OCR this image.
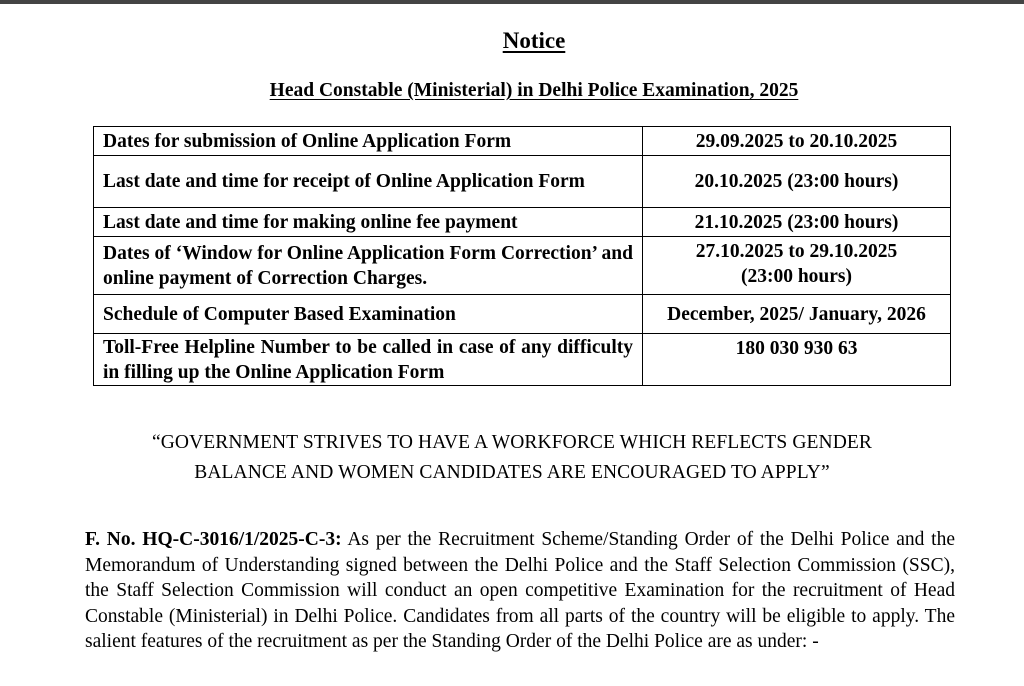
Notice
Head Constable (Ministerial) in Delhi Police Examination, 2025
Dates for submission of Online Application Form	29.09.2025 to 20.10.2025

Last date and time for receipt of Online Application Form	20.10.2025 (23:00 hours)

Last date and time for making online fee payment	21.10.2025 (23:00 hours)

Dates of ‘Window for Online Application Form Correction’ and online payment of Correction Charges.	27.10.2025 to 29.10.2025
(23:00 hours)

Schedule of Computer Based Examination	December, 2025/ January, 2026

Toll-Free Helpline Number to be called in case of any difficulty in filling up the Online Application Form	180 030 930 63
“GOVERNMENT STRIVES TO HAVE A WORKFORCE WHICH REFLECTS GENDER
BALANCE AND WOMEN CANDIDATES ARE ENCOURAGED TO APPLY”
F. No. HQ-C-3016/1/2025-C-3: As per the Recruitment Scheme/Standing Order of the Delhi Police and the Memorandum of Understanding signed between the Delhi Police and the Staff Selection Commission (SSC), the Staff Selection Commission will conduct an open competitive Examination for the recruitment of Head Constable (Ministerial) in Delhi Police. Candidates from all parts of the country will be eligible to apply. The salient features of the recruitment as per the Standing Order of the Delhi Police are as under: -
